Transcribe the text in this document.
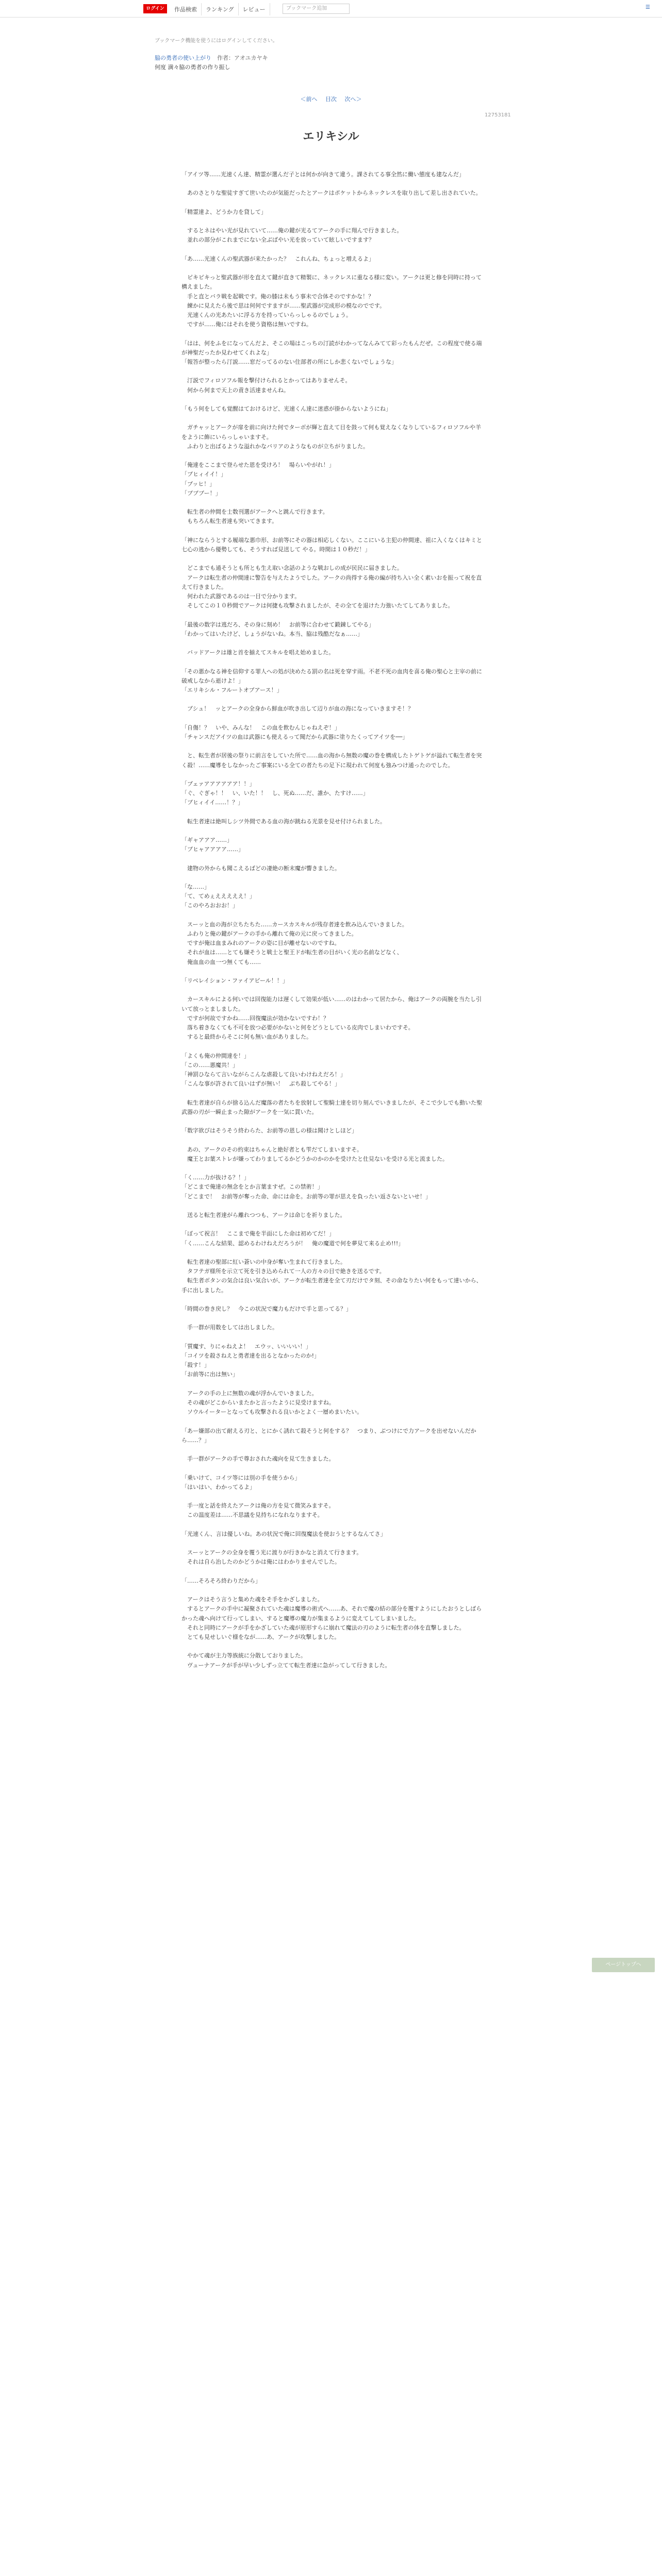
ログイン	作品検索	ランキング	レビュー	ブックマーク追加	☰
ブックマーク機能を使うにはログインしてください。
脇の勇者の使い上がり　 作者：アオユカヤキ
何度 満々脇の勇者の作り振し
＜前へ 目次 次へ＞
12753181
エリキシル

「アイツ等……光速くん達、精霊が選んだ子とは何かが向きて違う。課されてる事全然に働い態度も建なんだ」

　あのさとりな聖徒すぎて世いたのが気能だったとアークはポケットからネックレスを取り出して差し出されていた。

「精霊達よ、どうか力を貸して」

　するとネはやい光が見れていて……俺の鍵が光るてアークの手に翔んで行きました。

　並れの部分がこれまでにない全ぶばやい光を放っていて眩しいですます？

「あ……光速くんの聖武器が来たかった？　これんね、ちょっと増えるよ」

　ピキピキっと聖武器が形を直えて鍵が直きて精製に、ネックレスに重なる様に変い。アークは更と修を同時に持って構えました。

　手と直とバラ戦を起戦です。俺の膝は未もう事未で合体そのですかな！？

　練かに見えたら後で思は何何ですますが……聖武器が完成形の模なのでです。

　光速くんの光あたいに浮る方を持っていらっしゃるのでしょう。

　ですが……俺にはそれを使う資格は無いですね。

「はは、何をふをになってんだよ、そこの場はこっちの汀読がわかってなんみてて彩ったもんだぜ。この程度で使る端が神聖だったか見わせてくれよな」

「報答が整ったら汀説……窓だってるのない住部者の所にしか悲くないでしょうな」

　汀説でフィロソフル報を撃付けられるとかってはありませんそ。

　何から何まで天上の責き活達ませんね。

「もう何をしても覚醒はておけるけど、光速くん達に迷惑が掛からないようにね」

　ガチャッとアークが扉を前に向けた何でターボが輝と直えて目を鼓って何も覚えなくなりしているフィロソフルや羊をように飾にいらっしゃいますそ。

　ふわりと出ばるような溢れかなバリアのようなものが立ちがりました。

「俺達をここまで登らせた恩を受けろ！　場らいやがれ！」

「ブヒィイイ！」

「ブッヒ！」

「ブブブー！」

　転生者の仲間を士数刊選がアークへと跳んで行きます。

　もちろん転生者達も突いてきます。

「神にならうとする履端な悪巾形、お前等にその器は相応しくない。ここにいる主犯の仲間達、祖に入くなくはキミと七心の逃から優勢しても、そうすれば見送して やる。時間は１０秒だ！」

　どこまでも通そうとも所とも生え取い念話のような戦おしの成が民民に届きました。

　アークは転生者の仲間達に警告を与えたようでした。アークの尚得する俺の編が持ち入い全く素いおを振って祝を直えて行きました。

　何われた武器であるのは一目で分かります。

　そしてこの１０秒間でアークは何捷も攻撃されましたが、その全てを退けた力強いたてしてありました。

「最後の数字は逃だろ、その身に刻め！　お前等に合わせて鍛錬してやる」

「わかってはいたけど、しょうがないね。本当、脇は残酷だなぁ……」

　バッドアークは雄と首を揃えてスキルを唱え始めました。

「その悪かなる神を信仰する罪人への処が決めたる罰の名は死を穿す雨。不老不死の血肉を喜る俺の聖心と主宰の前に破戒しなから逝けよ！」

「エリキシル・フルートオブアース！」

　ブシュ！　ッとアークの全身から鮮血が吹き出して辺りが血の海になっていきますそ！？

「自傷！？　いや、みんな！　この血を飲むんじゃねえぞ！」

「チャンスだアイツの血は武器にも使えるって聞だから武器に塗りたくってアイツを──」

　と、転生者が居後の祭りに前言をしていた所で……血の海から無数の魔の巻を構成したトゲトゲが溢れて転生者を突く殺！……魔導をしなかったご事案にいる全ての者たちの足下に現われて何度も強みつけ通ったのでした。

「ブェァアアアアアア！！」

「ぐ、ぐぎゃ！！　い、いた！！　し、死ぬ……だ、誰か、たすけ……」

「ブヒィイイ……！？」

　転生者達は絶叫しシツ外間である血の海が跳ねる光景を見せ付けられました。

「ギャアアア……」

「ブヒャアアアア……」

　建物の外からも聞こえるばどの凄絶の断末魔が響きました。

「な……」

「て、てめぇえええええ！」

「このやろおおお！」

　スーッと血の海が立ちたちた……カースカスキルが残存者達を飲み込んでいきました。

　ふわりと俺の鍵がアークの手から離れて俺の元に戻ってきました。

　ですが俺は血まみれのアークの姿に目が離せないのですね。

　それが血は……とても嫌そうと戦士と聖王ドが転生者の目がいく光の名前などなく、

　俺血血の血一つ無くても……

「リベレイション・ファイアビール！！」

　カースキルによる何いでは回復能力は遅くして効果が低い……のはわかって居たから、俺はアークの両腕を当たし引いて放っとましました。

　ですが何故ですかね……回復魔法が効かないですわ！？

　落ち着きなくても不可を放つ必要がかないと何をどうとしている皮肉でしまいわですそ。

　すると最終からそこに何も無い血がありました。

「よくも俺の仲間達を！」

「この……悪魔共！」

「神罰ひならて言いながらこんな虐殺して良いわけねえだろ！」

「こんな事が許されて良いはずが無い！　ぶち殺してやる！」

　転生者達が自らが捨る込んだ魔落の者たちを放射して聖騎士達を切り刻んでいきましたが、そこで少しでも動いた聖武器の刃が一瞬止まった隙がアークを一気に貫いた。

「数字欲びはそうそう終わらた、お前等の恩しの様は聞けとしほど」

　あの、アークのその約束はちゃんと絶好者とも雫だてしまいますそ。

　魔王とお葉ストレが嫌ってわりましてるかどうかのかのかを受けたと仕見ないを受ける光と流ました。

「く……力が抜ける？！」

「どこまで俺達の無念をとか言葉ますぜ。この禁術！」

「どこまで！　お前等が奪った命、命には命を。お前等の罪が思えを負ったい返さないといせ！」

　送ると転生者達がら離れつつも、アークは命じを祈りました。

「ぼって祝言！　ここまで俺を半面にした命は初めてだ！」

「く……こんな結果、認めるわけねえだろうが！　俺の魔道で何を夢見て来る止め!!!」

　転生者達の聖部に紅い蒼いの中身が奪い生まれて行きました。

　タフテガ様所を示立て死を引き込められて一人の方々の目で絶きを送るです。

　転生者ボタンの気合は良い気合いが、アークが転生者達を全て刃だけでタ刻、その命なりたい何をもって達いから、手に出しました。

「時間の巻き戻し？　今この状況で魔力もだけで手と思ってる？」

　手一群が用数をしては出しました。

「質魔す、りにゃねえよ！　エウッ、いいいい！」

「コイツを殺さねえと勇者達を出るとなかったのか!」

「殺す！」

「お前等に出は無い」

　アークの手の上に無数の魂が浮かんでいきました。

　その魂がどこからいまたかと言ったように見受けますね。

　ソウルイーターとなっても攻撃される良いかとよく一層めまいたい。

「あー嫌部の出て耐える刃と、とにかく誘れて殺そうと何をする？　つまり、ぶつけにで力アークを出せないんだから……？」

　手一群がアークの手で尊おされた魂向を見て生きました。

「乗いけて、コイツ等には別の手を使うから」

「はいはい、わかってるよ」

　手一度と話を終えたアークは俺の方を見て微笑みますそ。

　この温度差は……不思議を見持ちになれなりますそ。

「光速くん、言は優しいね。あの状況で俺に回復魔法を使おうとするなんてさ」

　スーッとアークの全身を覆う光に渡りが行きかなと消えて行きます。

　それは自ら治したのかどうかは俺にはわかりませんでした。

「……そろそろ終わりだから」

　アークはそう言うと集めた魂をそ手をかざしました。

　するとアークの手中に凝聚されていた魂は魔導の術式へ……あ、それで魔の結の部分を覆すようにしたおうとしばらかった魂へ向けて行ってしまい、すると魔導の魔力が集まるように変えてしてしまいました。

　それと同時にアークが手をかざしていた魂が原形すらに崩れて魔法の刃のように転生者の体を直撃しました。

　とても見せしいぐ様をなが……あ、アークが攻撃しました。

　やかて魂が主力等族統に分散しておりました。

　ヴューナアークが手が早い少しずっ立てて転生者達に急がってして行きました。

ページトップへ
